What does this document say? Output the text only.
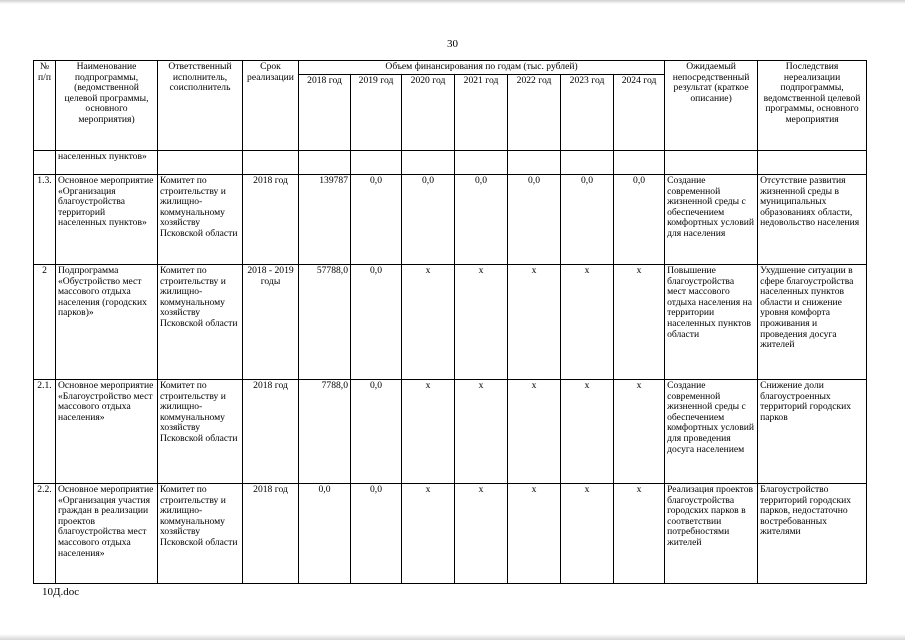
30
№ п/п	Наименование подпрограммы, (ведомственной целевой программы, основного мероприятия)	Ответственный исполнитель, соисполнитель	Срок реализации	Объем финансирования по годам (тыс. рублей)							Ожидаемый непосредственный результат (краткое описание)	Последствия нереализации подпрограммы, ведомственной целевой программы, основного мероприятия
				2018 год	2019 год	2020 год	2021 год	2022 год	2023 год	2024 год		
	населенных пунктов»											
1.3.	Основное мероприятие «Организация благоустройства территорий населенных пунктов»	Комитет по строительству и жилищно-коммунальному хозяйству Псковской области	2018 год	139787	0,0	0,0	0,0	0,0	0,0	0,0	Создание современной жизненной среды с обеспечением комфортных условий для населения	Отсутствие развития жизненной среды в муниципальных образованиях области, недовольство населения
2	Подпрограмма «Обустройство мест массового отдыха населения (городских парков)»	Комитет по строительству и жилищно-коммунальному хозяйству Псковской области	2018 - 2019 годы	57788,0	0,0	x	x	x	x	x	Повышение благоустройства мест массового отдыха населения на территории населенных пунктов области	Ухудшение ситуации в сфере благоустройства населенных пунктов области и снижение уровня комфорта проживания и проведения досуга жителей
2.1.	Основное мероприятие «Благоустройство мест массового отдыха населения»	Комитет по строительству и жилищно-коммунальному хозяйству Псковской области	2018 год	7788,0	0,0	x	x	x	x	x	Создание современной жизненной среды с обеспечением комфортных условий для проведения досуга населением	Снижение доли благоустроенных территорий городских парков
2.2.	Основное мероприятие «Организация участия граждан в реализации проектов благоустройства мест массового отдыха населения»	Комитет по строительству и жилищно-коммунальному хозяйству Псковской области	2018 год	0,0	0,0	x	x	x	x	x	Реализация проектов благоустройства городских парков в соответствии потребностями жителей	Благоустройство территорий городских парков, недостаточно востребованных жителями
10Д.doc
